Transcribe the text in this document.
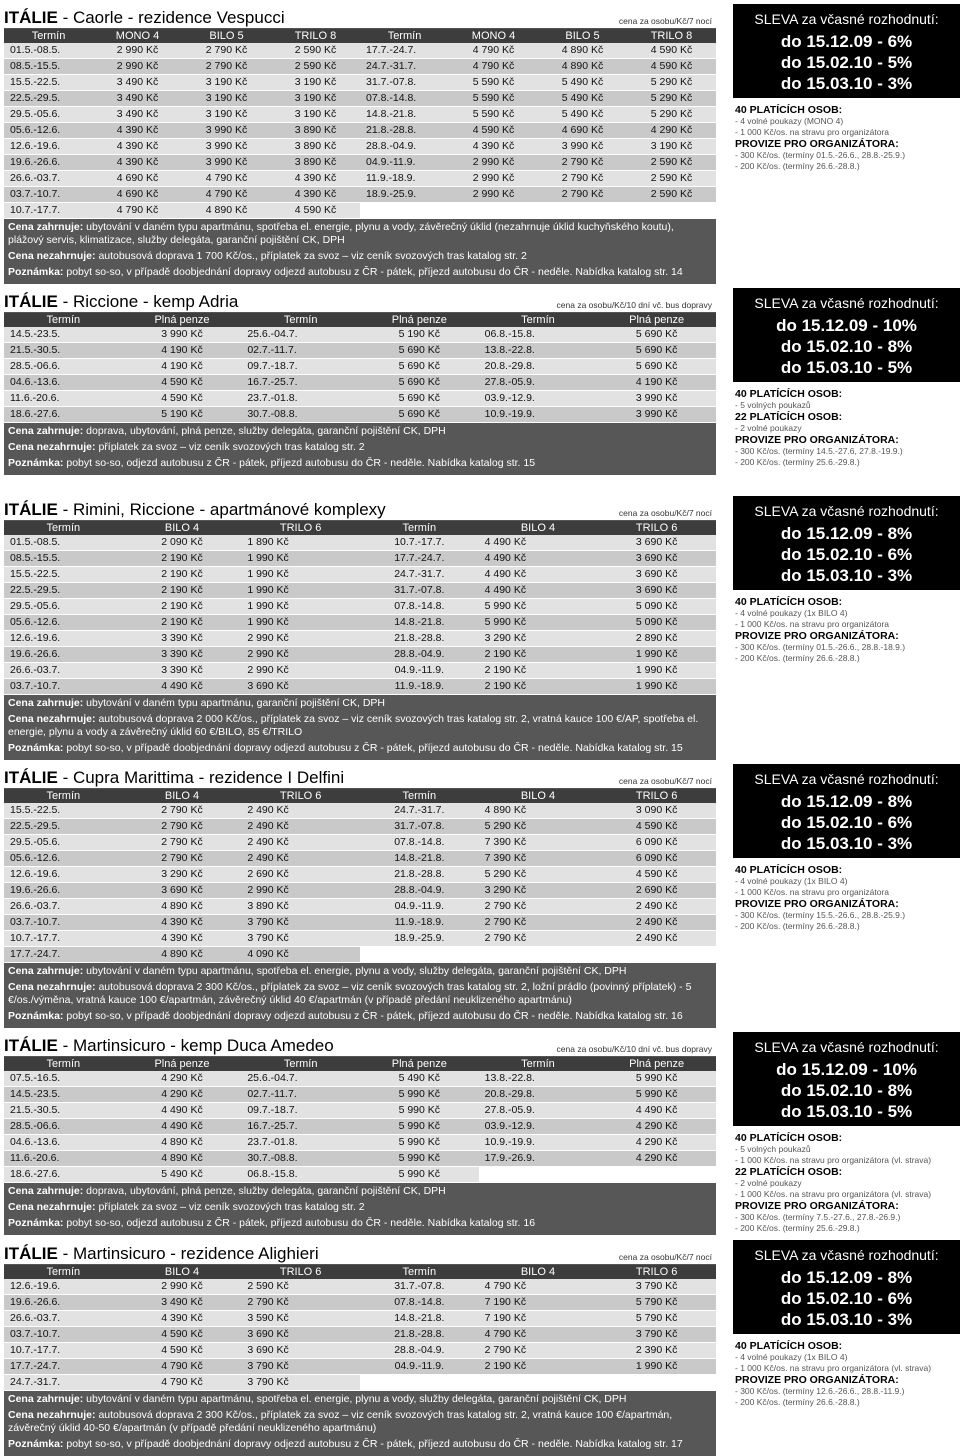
ITÁLIE - Caorle - rezidence Vespucci	cena za osobu/Kč/7 nocí
Termín	MONO 4	BILO 5	TRILO 8	Termín	MONO 4	BILO 5	TRILO 8
01.5.-08.5.	2 990 Kč	2 790 Kč	2 590 Kč	17.7.-24.7.	4 790 Kč	4 890 Kč	4 590 Kč
08.5.-15.5.	2 990 Kč	2 790 Kč	2 590 Kč	24.7.-31.7.	4 790 Kč	4 890 Kč	4 590 Kč
15.5.-22.5.	3 490 Kč	3 190 Kč	3 190 Kč	31.7.-07.8.	5 590 Kč	5 490 Kč	5 290 Kč
22.5.-29.5.	3 490 Kč	3 190 Kč	3 190 Kč	07.8.-14.8.	5 590 Kč	5 490 Kč	5 290 Kč
29.5.-05.6.	3 490 Kč	3 190 Kč	3 190 Kč	14.8.-21.8.	5 590 Kč	5 490 Kč	5 290 Kč
05.6.-12.6.	4 390 Kč	3 990 Kč	3 890 Kč	21.8.-28.8.	4 590 Kč	4 690 Kč	4 290 Kč
12.6.-19.6.	4 390 Kč	3 990 Kč	3 890 Kč	28.8.-04.9.	4 390 Kč	3 990 Kč	3 190 Kč
19.6.-26.6.	4 390 Kč	3 990 Kč	3 890 Kč	04.9.-11.9.	2 990 Kč	2 790 Kč	2 590 Kč
26.6.-03.7.	4 690 Kč	4 790 Kč	4 390 Kč	11.9.-18.9.	2 990 Kč	2 790 Kč	2 590 Kč
03.7.-10.7.	4 690 Kč	4 790 Kč	4 390 Kč	18.9.-25.9.	2 990 Kč	2 790 Kč	2 590 Kč
10.7.-17.7.	4 790 Kč	4 890 Kč	4 590 Kč				
Cena zahrnuje: ubytování v daném typu apartmánu, spotřeba el. energie, plynu a vody, závěrečný úklid (nezahrnuje úklid kuchyňského koutu), plážový servis, klimatizace, služby delegáta, garanční pojištění CK, DPH
Cena nezahrnuje: autobusová doprava 1 700 Kč/os., příplatek za svoz – viz ceník svozových tras katalog str. 2
Poznámka: pobyt so-so, v případě doobjednání dopravy odjezd autobusu z ČR - pátek, příjezd autobusu do ČR - neděle. Nabídka katalog str. 14
SLEVA za včasné rozhodnutí:
do 15.12.09 - 6%
do 15.02.10 - 5%
do 15.03.10 - 3%
40 PLATÍCÍCH OSOB:
- 4 volné poukazy (MONO 4)
- 1 000 Kč/os. na stravu pro organizátora
PROVIZE PRO ORGANIZÁTORA:
- 300 Kč/os. (termíny 01.5.-26.6., 28.8.-25.9.)
- 200 Kč/os. (termíny 26.6.-28.8.)
ITÁLIE - Riccione - kemp Adria	cena za osobu/Kč/10 dní vč. bus dopravy
Termín	Plná penze	Termín	Plná penze	Termín	Plná penze
14.5.-23.5.	3 990 Kč	25.6.-04.7.	5 190 Kč	06.8.-15.8.	5 690 Kč
21.5.-30.5.	4 190 Kč	02.7.-11.7.	5 690 Kč	13.8.-22.8.	5 690 Kč
28.5.-06.6.	4 190 Kč	09.7.-18.7.	5 690 Kč	20.8.-29.8.	5 690 Kč
04.6.-13.6.	4 590 Kč	16.7.-25.7.	5 690 Kč	27.8.-05.9.	4 190 Kč
11.6.-20.6.	4 590 Kč	23.7.-01.8.	5 690 Kč	03.9.-12.9.	3 990 Kč
18.6.-27.6.	5 190 Kč	30.7.-08.8.	5 690 Kč	10.9.-19.9.	3 990 Kč
Cena zahrnuje: doprava, ubytování, plná penze, služby delegáta, garanční pojištění CK, DPH
Cena nezahrnuje: příplatek za svoz – viz ceník svozových tras katalog str. 2
Poznámka: pobyt so-so, odjezd autobusu z ČR - pátek, příjezd autobusu do ČR - neděle. Nabídka katalog str. 15
SLEVA za včasné rozhodnutí:
do 15.12.09 - 10%
do 15.02.10 - 8%
do 15.03.10 - 5%
40 PLATÍCÍCH OSOB:
- 5 volných poukazů
22 PLATÍCÍCH OSOB:
- 2 volné poukazy
PROVIZE PRO ORGANIZÁTORA:
- 300 Kč/os. (termíny 14.5.-27.6, 27.8.-19.9.)
- 200 Kč/os. (termíny 25.6.-29.8.)
ITÁLIE - Rimini, Riccione - apartmánové komplexy	cena za osobu/Kč/7 nocí
Termín	BILO 4	TRILO 6	Termín	BILO 4	TRILO 6
01.5.-08.5.	2 090 Kč	1 890 Kč	10.7.-17.7.	4 490 Kč	3 690 Kč
08.5.-15.5.	2 190 Kč	1 990 Kč	17.7.-24.7.	4 490 Kč	3 690 Kč
15.5.-22.5.	2 190 Kč	1 990 Kč	24.7.-31.7.	4 490 Kč	3 690 Kč
22.5.-29.5.	2 190 Kč	1 990 Kč	31.7.-07.8.	4 490 Kč	3 690 Kč
29.5.-05.6.	2 190 Kč	1 990 Kč	07.8.-14.8.	5 990 Kč	5 090 Kč
05.6.-12.6.	2 190 Kč	1 990 Kč	14.8.-21.8.	5 990 Kč	5 090 Kč
12.6.-19.6.	3 390 Kč	2 990 Kč	21.8.-28.8.	3 290 Kč	2 890 Kč
19.6.-26.6.	3 390 Kč	2 990 Kč	28.8.-04.9.	2 190 Kč	1 990 Kč
26.6.-03.7.	3 390 Kč	2 990 Kč	04.9.-11.9.	2 190 Kč	1 990 Kč
03.7.-10.7.	4 490 Kč	3 690 Kč	11.9.-18.9.	2 190 Kč	1 990 Kč
Cena zahrnuje: ubytování v daném typu apartmánu, garanční pojištění CK, DPH
Cena nezahrnuje: autobusová doprava 2 000 Kč/os., příplatek za svoz – viz ceník svozových tras katalog str. 2, vratná kauce 100 €/AP, spotřeba el. energie, plynu a vody a závěrečný úklid 60 €/BILO, 85 €/TRILO
Poznámka: pobyt so-so, v případě doobjednání dopravy odjezd autobusu z ČR - pátek, příjezd autobusu do ČR - neděle. Nabídka katalog str. 15
SLEVA za včasné rozhodnutí:
do 15.12.09 - 8%
do 15.02.10 - 6%
do 15.03.10 - 3%
40 PLATÍCÍCH OSOB:
- 4 volné poukazy (1x BILO 4)
- 1 000 Kč/os. na stravu pro organizátora
PROVIZE PRO ORGANIZÁTORA:
- 300 Kč/os. (termíny 01.5.-26.6., 28.8.-18.9.)
- 200 Kč/os. (termíny 26.6.-28.8.)
ITÁLIE - Cupra Marittima - rezidence I Delfini	cena za osobu/Kč/7 nocí
Termín	BILO 4	TRILO 6	Termín	BILO 4	TRILO 6
15.5.-22.5.	2 790 Kč	2 490 Kč	24.7.-31.7.	4 890 Kč	3 090 Kč
22.5.-29.5.	2 790 Kč	2 490 Kč	31.7.-07.8.	5 290 Kč	4 590 Kč
29.5.-05.6.	2 790 Kč	2 490 Kč	07.8.-14.8.	7 390 Kč	6 090 Kč
05.6.-12.6.	2 790 Kč	2 490 Kč	14.8.-21.8.	7 390 Kč	6 090 Kč
12.6.-19.6.	3 290 Kč	2 690 Kč	21.8.-28.8.	5 290 Kč	4 590 Kč
19.6.-26.6.	3 690 Kč	2 990 Kč	28.8.-04.9.	3 290 Kč	2 690 Kč
26.6.-03.7.	4 890 Kč	3 890 Kč	04.9.-11.9.	2 790 Kč	2 490 Kč
03.7.-10.7.	4 390 Kč	3 790 Kč	11.9.-18.9.	2 790 Kč	2 490 Kč
10.7.-17.7.	4 390 Kč	3 790 Kč	18.9.-25.9.	2 790 Kč	2 490 Kč
17.7.-24.7.	4 890 Kč	4 090 Kč			
Cena zahrnuje: ubytování v daném typu apartmánu, spotřeba el. energie, plynu a vody, služby delegáta, garanční pojištění CK, DPH
Cena nezahrnuje: autobusová doprava 2 300 Kč/os., příplatek za svoz – viz ceník svozových tras katalog str. 2, ložní prádlo (povinný příplatek) - 5 €/os./výměna, vratná kauce 100 €/apartmán, závěrečný úklid 40 €/apartmán (v případě předání neuklizeného apartmánu)
Poznámka: pobyt so-so, v případě doobjednání dopravy odjezd autobusu z ČR - pátek, příjezd autobusu do ČR - neděle. Nabídka katalog str. 16
SLEVA za včasné rozhodnutí:
do 15.12.09 - 8%
do 15.02.10 - 6%
do 15.03.10 - 3%
40 PLATÍCÍCH OSOB:
- 4 volné poukazy (1x BILO 4)
- 1 000 Kč/os. na stravu pro organizátora
PROVIZE PRO ORGANIZÁTORA:
- 300 Kč/os. (termíny 15.5.-26.6., 28.8.-25.9.)
- 200 Kč/os. (termíny 26.6.-28.8.)
ITÁLIE - Martinsicuro - kemp Duca Amedeo	cena za osobu/Kč/10 dní vč. bus dopravy
Termín	Plná penze	Termín	Plná penze	Termín	Plná penze
07.5.-16.5.	4 290 Kč	25.6.-04.7.	5 490 Kč	13.8.-22.8.	5 990 Kč
14.5.-23.5.	4 290 Kč	02.7.-11.7.	5 990 Kč	20.8.-29.8.	5 990 Kč
21.5.-30.5.	4 490 Kč	09.7.-18.7.	5 990 Kč	27.8.-05.9.	4 490 Kč
28.5.-06.6.	4 490 Kč	16.7.-25.7.	5 990 Kč	03.9.-12.9.	4 290 Kč
04.6.-13.6.	4 890 Kč	23.7.-01.8.	5 990 Kč	10.9.-19.9.	4 290 Kč
11.6.-20.6.	4 890 Kč	30.7.-08.8.	5 990 Kč	17.9.-26.9.	4 290 Kč
18.6.-27.6.	5 490 Kč	06.8.-15.8.	5 990 Kč		
Cena zahrnuje: doprava, ubytování, plná penze, služby delegáta, garanční pojištění CK, DPH
Cena nezahrnuje: příplatek za svoz – viz ceník svozových tras katalog str. 2
Poznámka: pobyt so-so, odjezd autobusu z ČR - pátek, příjezd autobusu do ČR - neděle. Nabídka katalog str. 16
SLEVA za včasné rozhodnutí:
do 15.12.09 - 10%
do 15.02.10 - 8%
do 15.03.10 - 5%
40 PLATÍCÍCH OSOB:
- 5 volných poukazů
- 1 000 Kč/os. na stravu pro organizátora (vl. strava)
22 PLATÍCÍCH OSOB:
- 2 volné poukazy
- 1 000 Kč/os. na stravu pro organizátora (vl. strava)
PROVIZE PRO ORGANIZÁTORA:
- 300 Kč/os. (termíny 7.5.-27.6., 27.8.-26.9.)
- 200 Kč/os. (termíny 25.6.-29.8.)
ITÁLIE - Martinsicuro - rezidence Alighieri	cena za osobu/Kč/7 nocí
Termín	BILO 4	TRILO 6	Termín	BILO 4	TRILO 6
12.6.-19.6.	2 990 Kč	2 590 Kč	31.7.-07.8.	4 790 Kč	3 790 Kč
19.6.-26.6.	3 490 Kč	2 790 Kč	07.8.-14.8.	7 190 Kč	5 790 Kč
26.6.-03.7.	4 390 Kč	3 590 Kč	14.8.-21.8.	7 190 Kč	5 790 Kč
03.7.-10.7.	4 590 Kč	3 690 Kč	21.8.-28.8.	4 790 Kč	3 790 Kč
10.7.-17.7.	4 590 Kč	3 690 Kč	28.8.-04.9.	2 790 Kč	2 390 Kč
17.7.-24.7.	4 790 Kč	3 790 Kč	04.9.-11.9.	2 190 Kč	1 990 Kč
24.7.-31.7.	4 790 Kč	3 790 Kč			
Cena zahrnuje: ubytování v daném typu apartmánu, spotřeba el. energie, plynu a vody, služby delegáta, garanční pojištění CK, DPH
Cena nezahrnuje: autobusová doprava 2 300 Kč/os., příplatek za svoz – viz ceník svozových tras katalog str. 2, vratná kauce 100 €/apartmán, závěrečný úklid 40-50 €/apartmán (v případě předání neuklizeného apartmánu)
Poznámka: pobyt so-so, v případě doobjednání dopravy odjezd autobusu z ČR - pátek, příjezd autobusu do ČR - neděle. Nabídka katalog str. 17
SLEVA za včasné rozhodnutí:
do 15.12.09 - 8%
do 15.02.10 - 6%
do 15.03.10 - 3%
40 PLATÍCÍCH OSOB:
- 4 volné poukazy (1x BILO 4)
- 1 000 Kč/os. na stravu pro organizátora (vl. strava)
PROVIZE PRO ORGANIZÁTORA:
- 300 Kč/os. (termíny 12.6.-26.6., 28.8.-11.9.)
- 200 Kč/os. (termíny 26.6.-28.8.)
